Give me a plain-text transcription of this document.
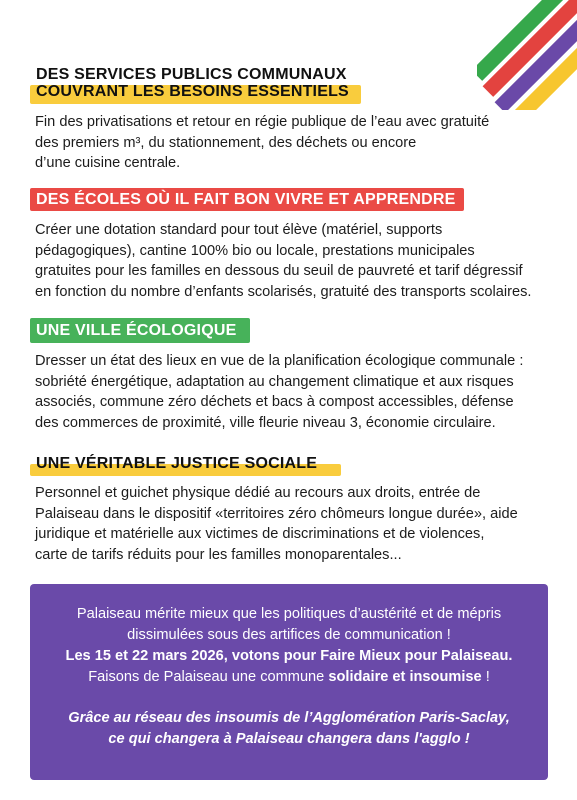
DES SERVICES PUBLICS COMMUNAUX
COUVRANT LES BESOINS ESSENTIELS
Fin des privatisations et retour en régie publique de l’eau avec gratuité
des premiers m³, du stationnement, des déchets ou encore
d’une cuisine centrale.
DES ÉCOLES OÙ IL FAIT BON VIVRE ET APPRENDRE
Créer une dotation standard pour tout élève (matériel, supports
pédagogiques), cantine 100% bio ou locale, prestations municipales
gratuites pour les familles en dessous du seuil de pauvreté et tarif dégressif
en fonction du nombre d’enfants scolarisés, gratuité des transports scolaires.
UNE VILLE ÉCOLOGIQUE
Dresser un état des lieux en vue de la planification écologique communale :
sobriété énergétique, adaptation au changement climatique et aux risques
associés, commune zéro déchets et bacs à compost accessibles, défense
des commerces de proximité, ville fleurie niveau 3, économie circulaire.
UNE VÉRITABLE JUSTICE SOCIALE
Personnel et guichet physique dédié au recours aux droits, entrée de
Palaiseau dans le dispositif «territoires zéro chômeurs longue durée», aide
juridique et matérielle aux victimes de discriminations et de violences,
carte de tarifs réduits pour les familles monoparentales...

Palaiseau mérite mieux que les politiques d’austérité et de mépris

dissimulées sous des artifices de communication !

Les 15 et 22 mars 2026, votons pour Faire Mieux pour Palaiseau.

Faisons de Palaiseau une commune solidaire et insoumise !

Grâce au réseau des insoumis de l’Agglomération Paris-Saclay,

ce qui changera à Palaiseau changera dans l'agglo !
